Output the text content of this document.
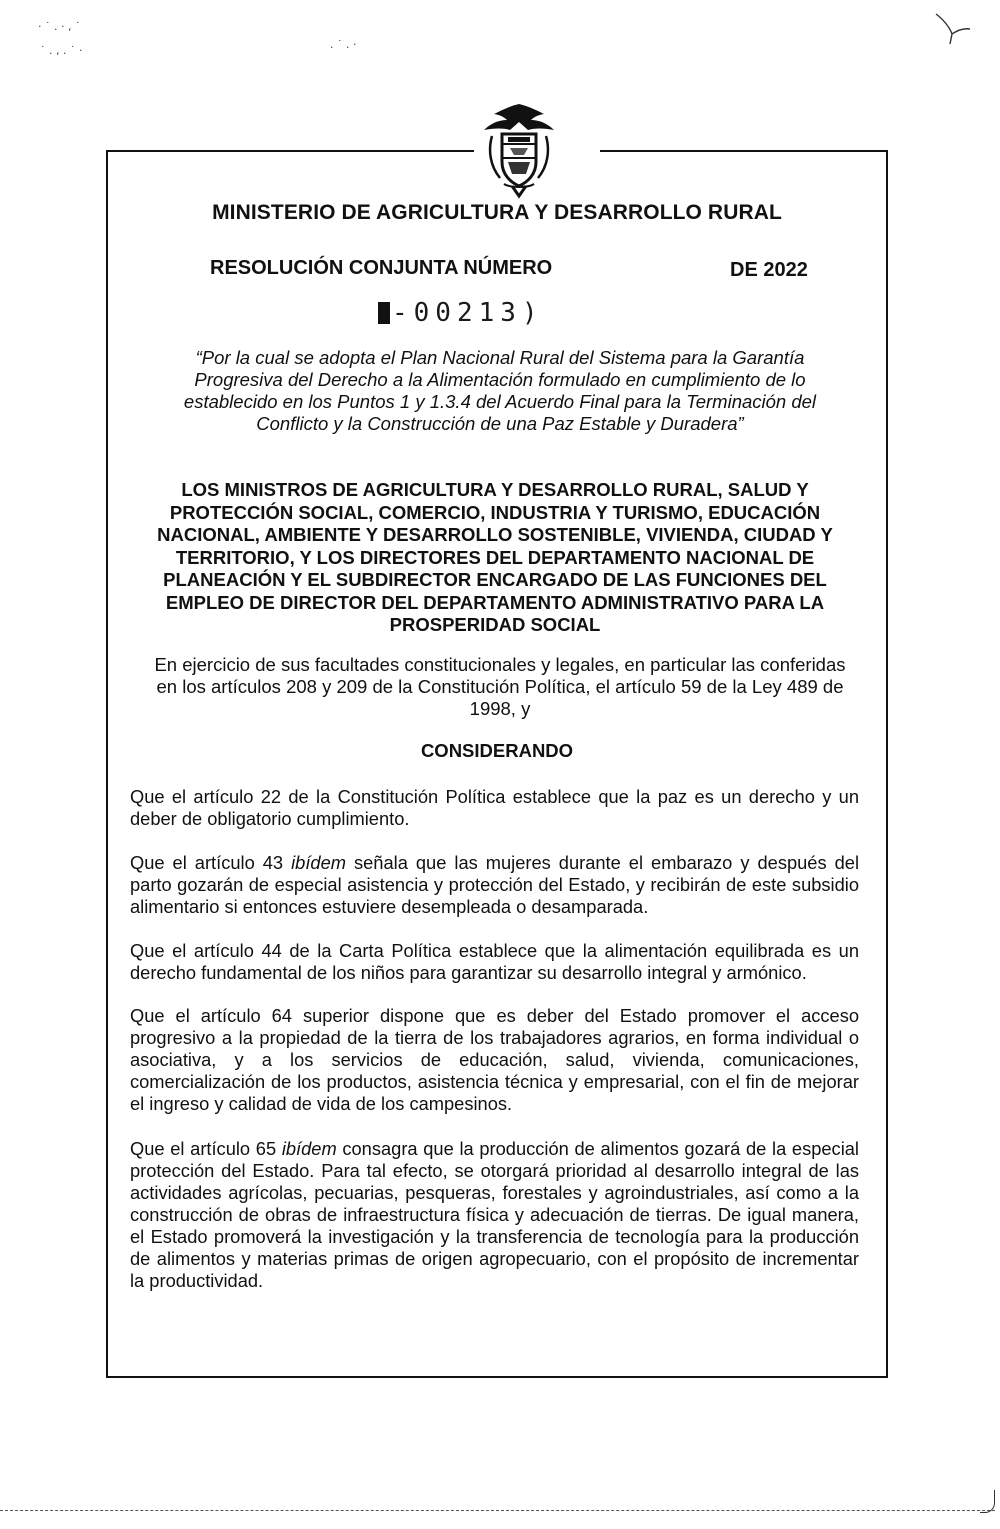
· ˙ . · , ˙
˙ . , . ˙ ·	. ˙ . ·
MINISTERIO DE AGRICULTURA Y DESARROLLO RURAL
RESOLUCIÓN CONJUNTA NÚMERO	DE 2022
-00213)
“Por la cual se adopta el Plan Nacional Rural del Sistema para la Garantía
Progresiva del Derecho a la Alimentación formulado en cumplimiento de lo
establecido en los Puntos 1 y 1.3.4 del Acuerdo Final para la Terminación del
Conflicto y la Construcción de una Paz Estable y Duradera”
LOS MINISTROS DE AGRICULTURA Y DESARROLLO RURAL, SALUD Y
PROTECCIÓN SOCIAL, COMERCIO, INDUSTRIA Y TURISMO, EDUCACIÓN
NACIONAL, AMBIENTE Y DESARROLLO SOSTENIBLE, VIVIENDA, CIUDAD Y
TERRITORIO, Y LOS DIRECTORES DEL DEPARTAMENTO NACIONAL DE
PLANEACIÓN Y EL SUBDIRECTOR ENCARGADO DE LAS FUNCIONES DEL
EMPLEO DE DIRECTOR DEL DEPARTAMENTO ADMINISTRATIVO PARA LA
PROSPERIDAD SOCIAL
En ejercicio de sus facultades constitucionales y legales, en particular las conferidas
en los artículos 208 y 209 de la Constitución Política, el artículo 59 de la Ley 489 de
1998, y
CONSIDERANDO
Que el artículo 22 de la Constitución Política establece que la paz es un derecho y un deber de obligatorio cumplimiento.
Que el artículo 43 ibídem señala que las mujeres durante el embarazo y después del parto gozarán de especial asistencia y protección del Estado, y recibirán de este subsidio alimentario si entonces estuviere desempleada o desamparada.
Que el artículo 44 de la Carta Política establece que la alimentación equilibrada es un derecho fundamental de los niños para garantizar su desarrollo integral y armónico.
Que el artículo 64 superior dispone que es deber del Estado promover el acceso progresivo a la propiedad de la tierra de los trabajadores agrarios, en forma individual o asociativa, y a los servicios de educación, salud, vivienda, comunicaciones, comercialización de los productos, asistencia técnica y empresarial, con el fin de mejorar el ingreso y calidad de vida de los campesinos.
Que el artículo 65 ibídem consagra que la producción de alimentos gozará de la especial protección del Estado. Para tal efecto, se otorgará prioridad al desarrollo integral de las actividades agrícolas, pecuarias, pesqueras, forestales y agroindustriales, así como a la construcción de obras de infraestructura física y adecuación de tierras. De igual manera, el Estado promoverá la investigación y la transferencia de tecnología para la producción de alimentos y materias primas de origen agropecuario, con el propósito de incrementar la productividad.
